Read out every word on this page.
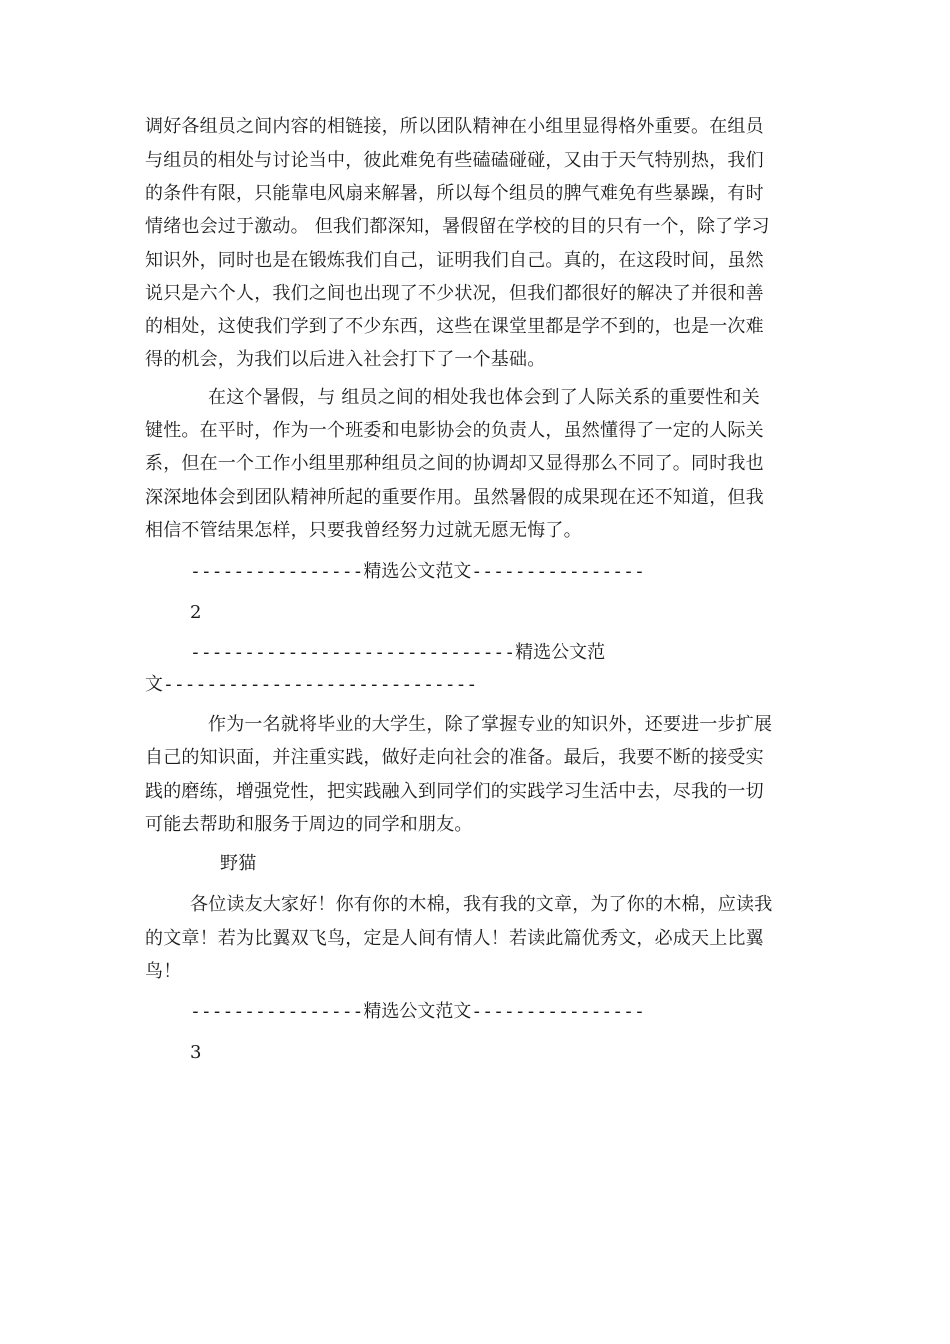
调好各组员之间内容的相链接，所以团队精神在小组里显得格外重要。在组员
与组员的相处与讨论当中，彼此难免有些磕磕碰碰，又由于天气特别热，我们
的条件有限，只能靠电风扇来解暑，所以每个组员的脾气难免有些暴躁，有时
情绪也会过于激动。 但我们都深知，暑假留在学校的目的只有一个，除了学习
知识外，同时也是在锻炼我们自己，证明我们自己。真的，在这段时间，虽然
说只是六个人，我们之间也出现了不少状况，但我们都很好的解决了并很和善
的相处，这使我们学到了不少东西，这些在课堂里都是学不到的，也是一次难
得的机会，为我们以后进入社会打下了一个基础。
在这个暑假，与 组员之间的相处我也体会到了人际关系的重要性和关
键性。在平时，作为一个班委和电影协会的负责人，虽然懂得了一定的人际关
系，但在一个工作小组里那种组员之间的协调却又显得那么不同了。同时我也
深深地体会到团队精神所起的重要作用。虽然暑假的成果现在还不知道，但我
相信不管结果怎样，只要我曾经努力过就无愿无悔了。
----------------精选公文范文----------------
2
------------------------------精选公文范
文-----------------------------
作为一名就将毕业的大学生，除了掌握专业的知识外，还要进一步扩展
自己的知识面，并注重实践，做好走向社会的准备。最后，我要不断的接受实
践的磨练，增强党性，把实践融入到同学们的实践学习生活中去，尽我的一切
可能去帮助和服务于周边的同学和朋友。
野猫
各位读友大家好！你有你的木棉，我有我的文章，为了你的木棉，应读我
的文章！若为比翼双飞鸟，定是人间有情人！若读此篇优秀文，必成天上比翼
鸟！
----------------精选公文范文----------------
3
